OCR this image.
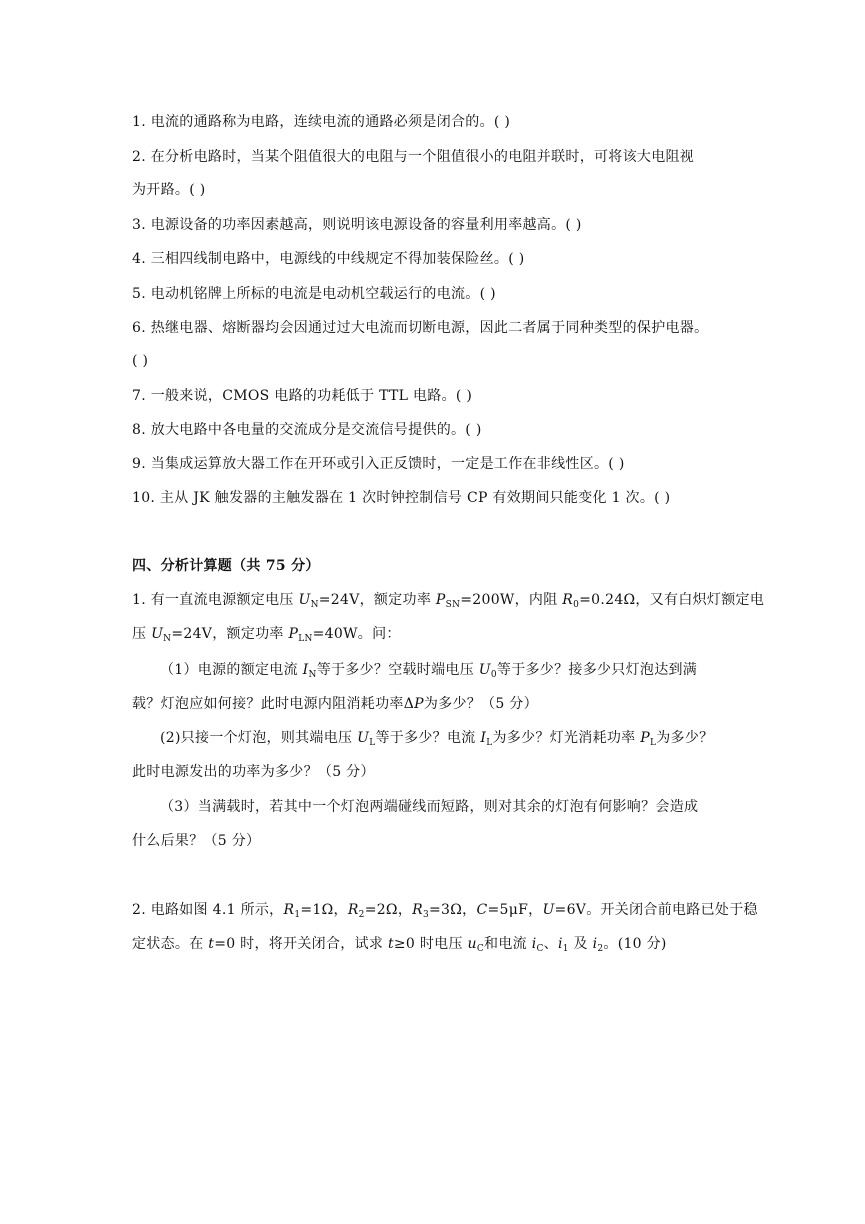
1. 电流的通路称为电路，连续电流的通路必须是闭合的。( )
2. 在分析电路时，当某个阻值很大的电阻与一个阻值很小的电阻并联时，可将该大电阻视
为开路。( )
3. 电源设备的功率因素越高，则说明该电源设备的容量利用率越高。( )
4. 三相四线制电路中，电源线的中线规定不得加装保险丝。( )
5. 电动机铭牌上所标的电流是电动机空载运行的电流。( )
6. 热继电器、熔断器均会因通过过大电流而切断电源，因此二者属于同种类型的保护电器。
( )
7. 一般来说，CMOS 电路的功耗低于 TTL 电路。( )
8. 放大电路中各电量的交流成分是交流信号提供的。( )
9. 当集成运算放大器工作在开环或引入正反馈时，一定是工作在非线性区。( )
10. 主从 JK 触发器的主触发器在 1 次时钟控制信号 CP 有效期间只能变化 1 次。( )
四、分析计算题（共 75 分）
1. 有一直流电源额定电压 $U_N=24V$，额定功率 $P_{SN}=200W$，内阻 $R_0=0.24\Omega$，又有白炽灯额定电
压 $U_N=24V$，额定功率 $P_{LN}=40W$。问：
（1）电源的额定电流 $I_N$等于多少？空载时端电压 $U_0$等于多少？接多少只灯泡达到满
载？灯泡应如何接？此时电源内阻消耗功率ΔP为多少？（5 分）
(2)只接一个灯泡，则其端电压 $U_L$等于多少？电流 $I_L$为多少？灯光消耗功率 $P_L$为多少？
此时电源发出的功率为多少？（5 分）
（3）当满载时，若其中一个灯泡两端碰线而短路，则对其余的灯泡有何影响？会造成
什么后果？（5 分）
2. 电路如图 4.1 所示，$R_1=1\Omega$，$R_2=2\Omega$，$R_3=3\Omega$，C=5μF，U=6V。开关闭合前电路已处于稳
定状态。在 t=0 时，将开关闭合，试求 t≥0 时电压 $u_C$和电流 $i_C$、$i_1$ 及 $i_2$。(10 分)
